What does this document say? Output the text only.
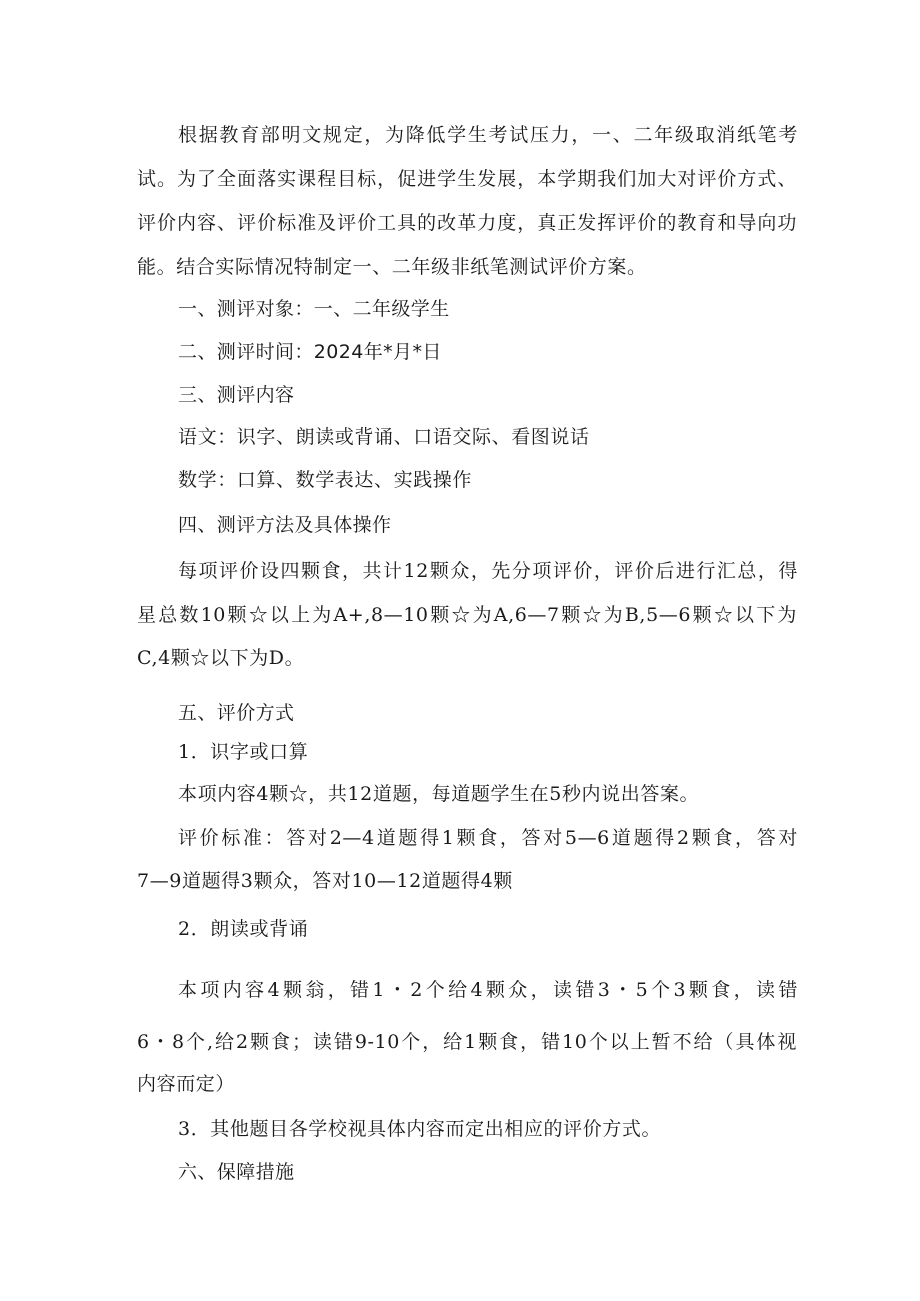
根据教育部明文规定，为降低学生考试压力，一、二年级取消纸笔考
试。为了全面落实课程目标，促进学生发展，本学期我们加大对评价方式、
评价内容、评价标准及评价工具的改革力度，真正发挥评价的教育和导向功
能。结合实际情况特制定一、二年级非纸笔测试评价方案。
一、测评对象：一、二年级学生
二、测评时间：2024年*月*日
三、测评内容
语文：识字、朗读或背诵、口语交际、看图说话
数学：口算、数学表达、实践操作
四、测评方法及具体操作
每项评价设四颗食，共计12颗众，先分项评价，评价后进行汇总，得
星总数10颗☆以上为A+,8—10颗☆为A,6—7颗☆为B,5—6颗☆以下为
C,4颗☆以下为D。
五、评价方式
1．识字或口算
本项内容4颗☆，共12道题，每道题学生在5秒内说出答案。
评价标准：答对2—4道题得1颗食，答对5—6道题得2颗食，答对
7—9道题得3颗众，答对10—12道题得4颗
2．朗读或背诵
本项内容4颗翁，错1・2个给4颗众，读错3・5个3颗食，读错
6・8个,给2颗食；读错9-10个，给1颗食，错10个以上暂不给（具体视
内容而定）
3．其他题目各学校视具体内容而定出相应的评价方式。
六、保障措施
